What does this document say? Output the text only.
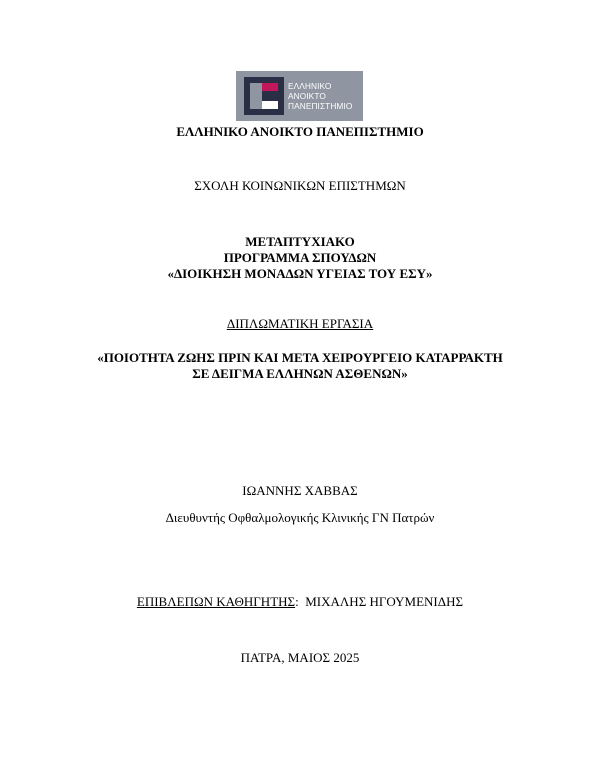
ΕΛΛΗΝΙΚΟ
ΑΝΟΙΚΤΟ
ΠΑΝΕΠΙΣΤΗΜΙΟ
ΕΛΛΗΝΙΚΟ ΑΝΟΙΚΤΟ ΠΑΝΕΠΙΣΤΗΜΙΟ
ΣΧΟΛΗ ΚΟΙΝΩΝΙΚΩΝ ΕΠΙΣΤΗΜΩΝ
ΜΕΤΑΠΤΥΧΙΑΚΟ
ΠΡΟΓΡΑΜΜΑ ΣΠΟΥΔΩΝ
«ΔΙΟΙΚΗΣΗ ΜΟΝΑΔΩΝ ΥΓΕΙΑΣ ΤΟΥ ΕΣΥ»
ΔΙΠΛΩΜΑΤΙΚΗ ΕΡΓΑΣΙΑ
«ΠΟΙΟΤΗΤΑ ΖΩΗΣ ΠΡΙΝ ΚΑΙ ΜΕΤΑ ΧΕΙΡΟΥΡΓΕΙΟ ΚΑΤΑΡΡΑΚΤΗ
ΣΕ ΔΕΙΓΜΑ ΕΛΛΗΝΩΝ ΑΣΘΕΝΩΝ»
ΙΩΑΝΝΗΣ ΧΑΒΒΑΣ
Διευθυντής Οφθαλμολογικής Κλινικής ΓΝ Πατρών
ΕΠΙΒΛΕΠΩΝ ΚΑΘΗΓΗΤΗΣ:  ΜΙΧΑΛΗΣ ΗΓΟΥΜΕΝΙΔΗΣ
ΠΑΤΡΑ, ΜΑΙΟΣ 2025
